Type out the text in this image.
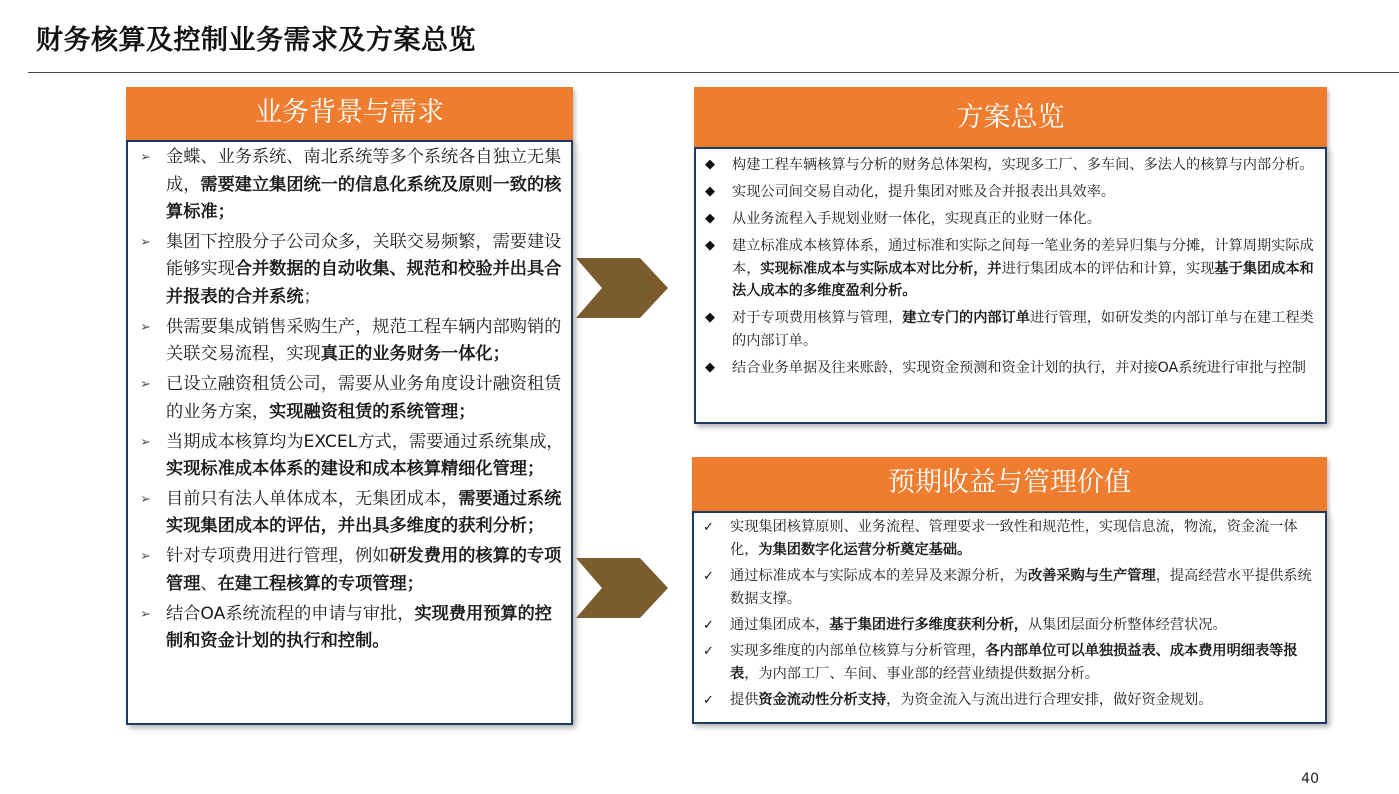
财务核算及控制业务需求及方案总览
业务背景与需求
➢ 金蝶、业务系统、南北系统等多个系统各自独立无集成，需要建立集团统一的信息化系统及原则一致的核算标准；
➢ 集团下控股分子公司众多，关联交易频繁，需要建设能够实现合并数据的自动收集、规范和校验并出具合并报表的合并系统；
➢ 供需要集成销售采购生产，规范工程车辆内部购销的关联交易流程，实现真正的业务财务一体化；
➢ 已设立融资租赁公司，需要从业务角度设计融资租赁的业务方案，实现融资租赁的系统管理；
➢ 当期成本核算均为EXCEL方式，需要通过系统集成，实现标准成本体系的建设和成本核算精细化管理；
➢ 目前只有法人单体成本，无集团成本，需要通过系统实现集团成本的评估，并出具多维度的获利分析；
➢ 针对专项费用进行管理，例如研发费用的核算的专项管理、在建工程核算的专项管理；
➢ 结合OA系统流程的申请与审批，实现费用预算的控制和资金计划的执行和控制。
方案总览
◆ 构建工程车辆核算与分析的财务总体架构，实现多工厂、多车间、多法人的核算与内部分析。
◆ 实现公司间交易自动化，提升集团对账及合并报表出具效率。
◆ 从业务流程入手规划业财一体化，实现真正的业财一体化。
◆ 建立标准成本核算体系，通过标准和实际之间每一笔业务的差异归集与分摊，计算周期实际成本，实现标准成本与实际成本对比分析，并进行集团成本的评估和计算，实现基于集团成本和法人成本的多维度盈利分析。
◆ 对于专项费用核算与管理，建立专门的内部订单进行管理，如研发类的内部订单与在建工程类的内部订单。
◆ 结合业务单据及往来账龄，实现资金预测和资金计划的执行，并对接OA系统进行审批与控制
预期收益与管理价值
✓ 实现集团核算原则、业务流程、管理要求一致性和规范性，实现信息流，物流，资金流一体化，为集团数字化运营分析奠定基础。
✓ 通过标准成本与实际成本的差异及来源分析，为改善采购与生产管理，提高经营水平提供系统数据支撑。
✓ 通过集团成本，基于集团进行多维度获利分析，从集团层面分析整体经营状况。
✓ 实现多维度的内部单位核算与分析管理，各内部单位可以单独损益表、成本费用明细表等报表，为内部工厂、车间、事业部的经营业绩提供数据分析。
✓ 提供资金流动性分析支持，为资金流入与流出进行合理安排，做好资金规划。
40
